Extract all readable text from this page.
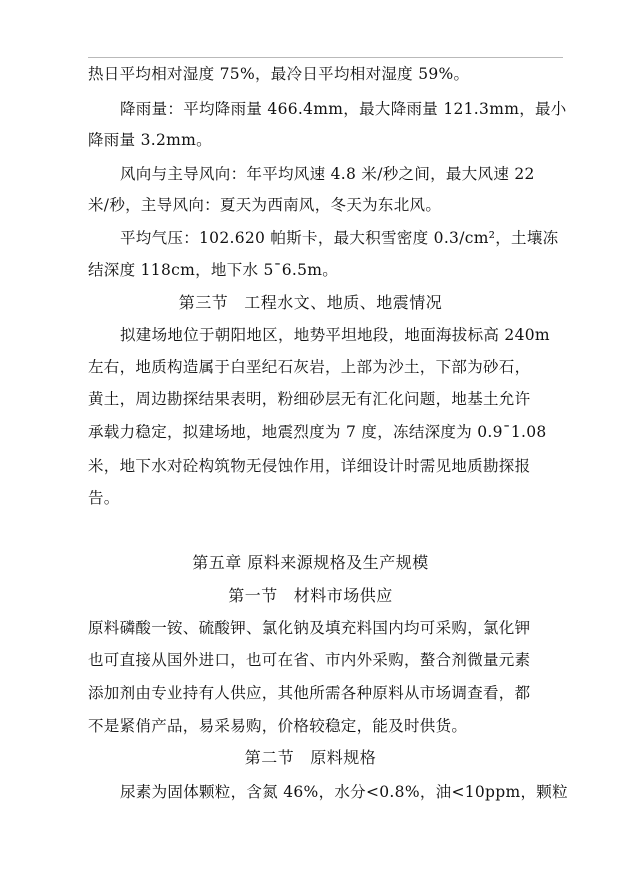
热日平均相对湿度 75%，最冷日平均相对湿度 59%。
降雨量：平均降雨量 466.4mm，最大降雨量 121.3mm，最小
降雨量 3.2mm。
风向与主导风向：年平均风速 4.8 米/秒之间，最大风速 22
米/秒，主导风向：夏天为西南风，冬天为东北风。
平均气压：102.620 帕斯卡，最大积雪密度 0.3/cm²，土壤冻
结深度 118cm，地下水 5¯6.5m。
第三节 工程水文、地质、地震情况
拟建场地位于朝阳地区，地势平坦地段，地面海拔标高 240m
左右，地质构造属于白垩纪石灰岩，上部为沙土，下部为砂石，
黄土，周边勘探结果表明，粉细砂层无有汇化问题，地基土允许
承载力稳定，拟建场地，地震烈度为 7 度，冻结深度为 0.9¯1.08
米，地下水对砼构筑物无侵蚀作用，详细设计时需见地质勘探报
告。
第五章 原料来源规格及生产规模
第一节 材料市场供应
原料磷酸一铵、硫酸钾、氯化钠及填充料国内均可采购，氯化钾
也可直接从国外进口，也可在省、市内外采购，螯合剂微量元素
添加剂由专业持有人供应，其他所需各种原料从市场调查看，都
不是紧俏产品，易采易购，价格较稳定，能及时供货。
第二节 原料规格
尿素为固体颗粒，含氮 46%，水分<0.8%，油<10ppm，颗粒
